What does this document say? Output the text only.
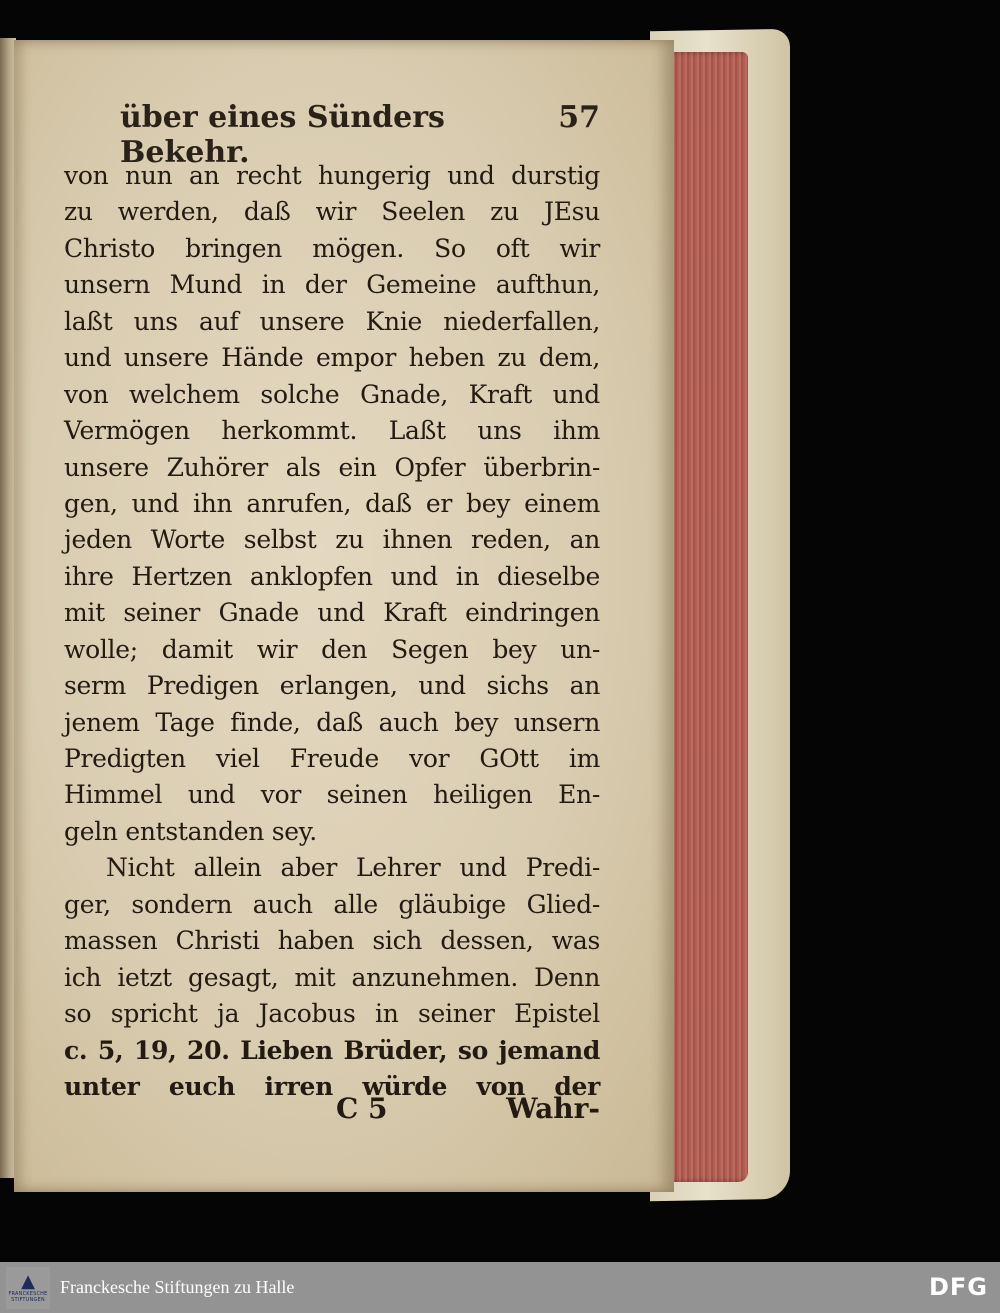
über eines Sünders Bekehr.
57
von nun an recht hungerig und durstig
zu werden, daß wir Seelen zu JEsu
Christo bringen mögen. So oft wir
unsern Mund in der Gemeine aufthun,
laßt uns auf unsere Knie niederfallen,
und unsere Hände empor heben zu dem,
von welchem solche Gnade, Kraft und
Vermögen herkommt. Laßt uns ihm
unsere Zuhörer als ein Opfer überbrin-
gen, und ihn anrufen, daß er bey einem
jeden Worte selbst zu ihnen reden, an
ihre Hertzen anklopfen und in dieselbe
mit seiner Gnade und Kraft eindringen
wolle; damit wir den Segen bey un-
serm Predigen erlangen, und sichs an
jenem Tage finde, daß auch bey unsern
Predigten viel Freude vor GOtt im
Himmel und vor seinen heiligen En-
geln entstanden sey.
Nicht allein aber Lehrer und Predi-
ger, sondern auch alle gläubige Glied-
massen Christi haben sich dessen, was
ich ietzt gesagt, mit anzunehmen. Denn
so spricht ja Jacobus in seiner Epistel
c. 5, 19, 20. Lieben Brüder, so jemand
unter euch irren würde von der
C 5	Wahr-
▲
FRANCKESCHE STIFTUNGEN
Franckesche Stiftungen zu Halle	DFG
